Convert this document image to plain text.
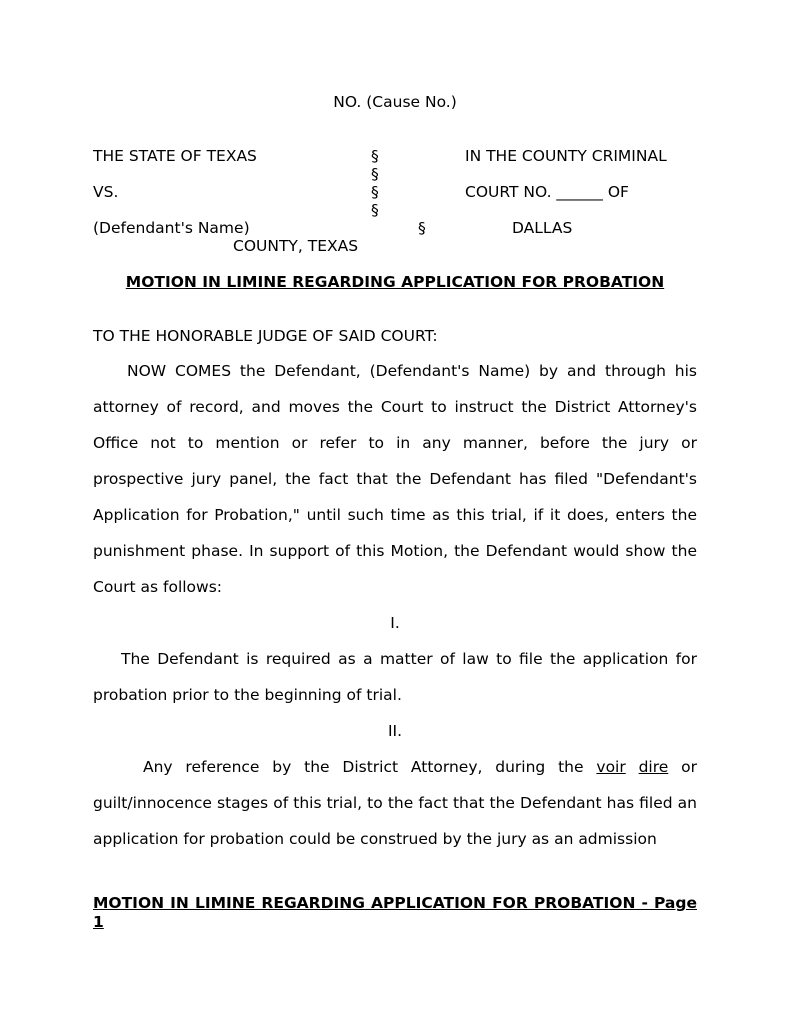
NO. (Cause No.)
THE STATE OF TEXAS	§	IN THE COUNTY CRIMINAL
§
VS.	§	COURT NO. ______ OF
§
(Defendant's Name)	§	DALLAS
COUNTY, TEXAS
MOTION IN LIMINE REGARDING APPLICATION FOR PROBATION
TO THE HONORABLE JUDGE OF SAID COURT:

NOW COMES the Defendant, (Defendant's Name) by and through his attorney of record, and moves the Court to instruct the District Attorney's Office not to mention or refer to in any manner, before the jury or prospective jury panel, the fact that the Defendant has filed "Defendant's Application for Probation," until such time as this trial, if it does, enters the punishment phase. In support of this Motion, the Defendant would show the Court as follows:

I.

The Defendant is required as a matter of law to file the application for probation prior to the beginning of trial.

II.

Any reference by the District Attorney, during the voir dire or guilt/innocence stages of this trial, to the fact that the Defendant has filed an application for probation could be construed by the jury as an admission

MOTION IN LIMINE REGARDING APPLICATION FOR PROBATION - Page 1
